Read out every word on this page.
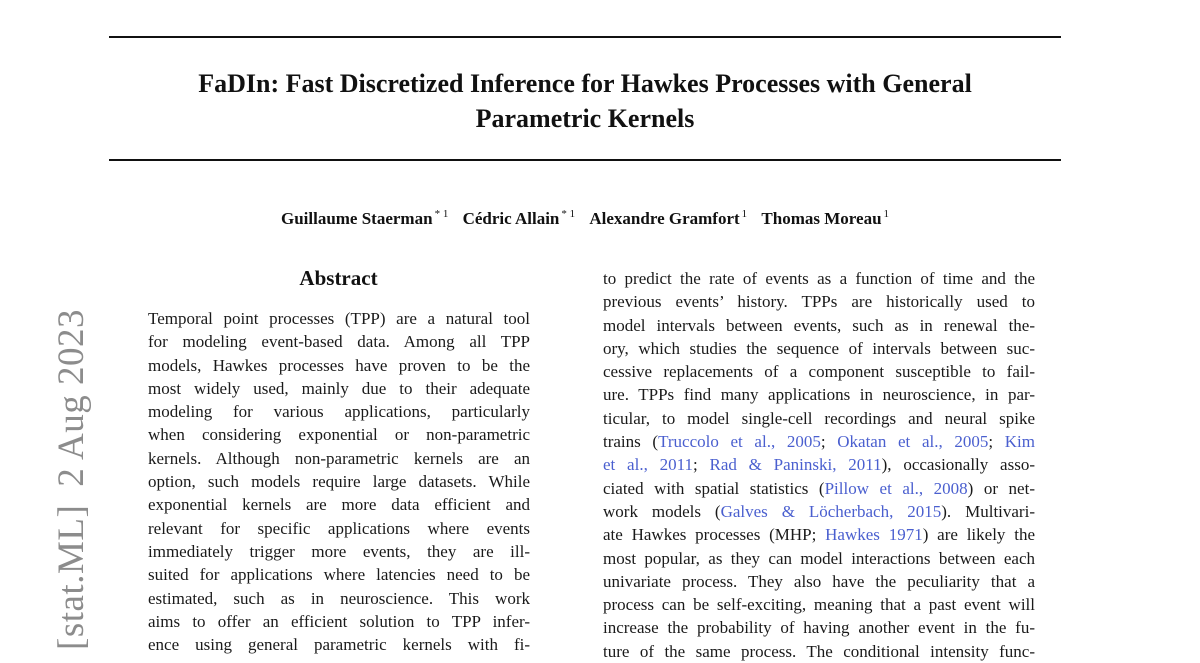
FaDIn: Fast Discretized Inference for Hawkes Processes with General
Parametric Kernels
Guillaume Staerman $^{* 1}$ Cédric Allain $^{* 1}$ Alexandre Gramfort $^1$ Thomas Moreau $^1$
[stat.ML]2 Aug 2023
Abstract
Temporal point processes (TPP) are a natural tool
for modeling event-based data. Among all TPP
models, Hawkes processes have proven to be the
most widely used, mainly due to their adequate
modeling for various applications, particularly
when considering exponential or non-parametric
kernels. Although non-parametric kernels are an
option, such models require large datasets. While
exponential kernels are more data efficient and
relevant for specific applications where events
immediately trigger more events, they are ill-
suited for applications where latencies need to be
estimated, such as in neuroscience. This work
aims to offer an efficient solution to TPP infer-
ence using general parametric kernels with fi-
to predict the rate of events as a function of time and the
previous events’ history. TPPs are historically used to
model intervals between events, such as in renewal the-
ory, which studies the sequence of intervals between suc-
cessive replacements of a component susceptible to fail-
ure. TPPs find many applications in neuroscience, in par-
ticular, to model single-cell recordings and neural spike
trains (Truccolo et al., 2005; Okatan et al., 2005; Kim
et al., 2011; Rad & Paninski, 2011), occasionally asso-
ciated with spatial statistics (Pillow et al., 2008) or net-
work models (Galves & Löcherbach, 2015). Multivari-
ate Hawkes processes (MHP; Hawkes 1971) are likely the
most popular, as they can model interactions between each
univariate process. They also have the peculiarity that a
process can be self-exciting, meaning that a past event will
increase the probability of having another event in the fu-
ture of the same process. The conditional intensity func-
